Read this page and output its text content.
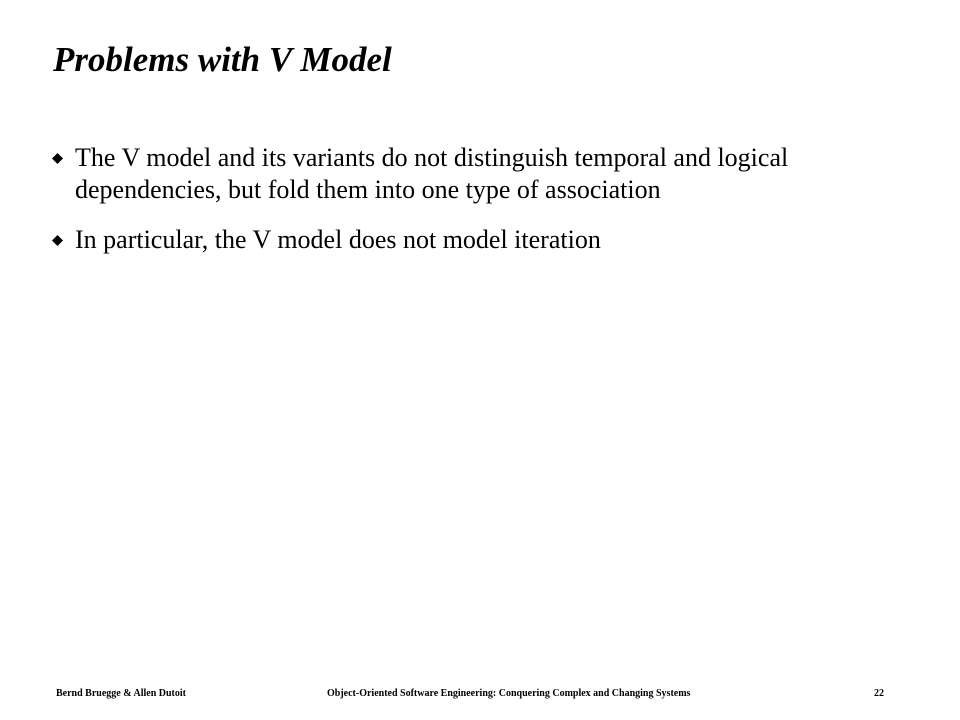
Problems with V Model
The V model and its variants do not distinguish temporal and logical dependencies, but fold them into one type of association
In particular, the V model does not model iteration
Bernd Bruegge & Allen Dutoit	Object-Oriented Software Engineering: Conquering Complex and Changing Systems	22
